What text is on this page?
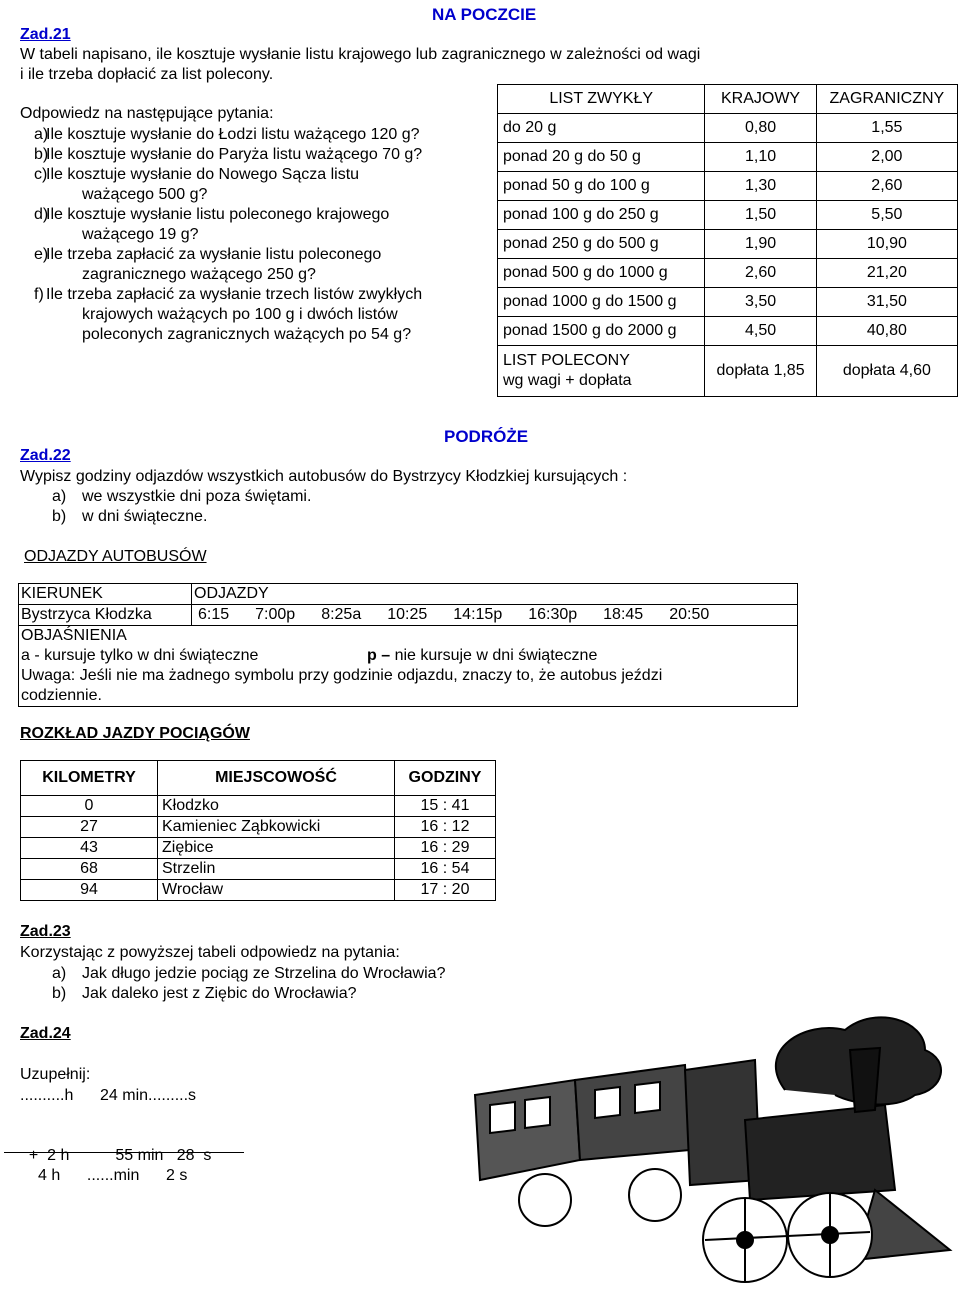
NA POCZCIE
Zad.21
W tabeli napisano, ile kosztuje wysłanie listu krajowego lub zagranicznego w zależności od wagi
i ile trzeba dopłacić za list polecony.
Odpowiedz na następujące pytania:
a)
Ile kosztuje wysłanie do Łodzi listu ważącego 120 g?
b)
Ile kosztuje wysłanie do Paryża listu ważącego 70 g?
c)
Ile kosztuje wysłanie do Nowego Sącza listu
ważącego 500 g?
d)
Ile kosztuje wysłanie listu poleconego krajowego
ważącego 19 g?
e)
Ile trzeba zapłacić za wysłanie listu poleconego
zagranicznego ważącego 250 g?
f) Ile trzeba zapłacić za wysłanie trzech listów zwykłych
krajowych ważących po 100 g i dwóch listów
poleconych zagranicznych ważących po 54 g?
LIST ZWYKŁY	KRAJOWY	ZAGRANICZNY
do 20 g	0,80	1,55
ponad 20 g do 50 g	1,10	2,00
ponad 50 g do 100 g	1,30	2,60
ponad 100 g do 250 g	1,50	5,50
ponad 250 g do 500 g	1,90	10,90
ponad 500 g do 1000 g	2,60	21,20
ponad 1000 g do 1500 g	3,50	31,50
ponad 1500 g do 2000 g	4,50	40,80

LIST POLECONY
wg wagi + dopłata	dopłata 1,85	dopłata 4,60
PODRÓŻE
Zad.22
Wypisz godziny odjazdów wszystkich autobusów do Bystrzycy Kłodzkiej kursujących :
a) we wszystkie dni poza świętami.
b) w dni świąteczne.
ODJAZDY AUTOBUSÓW
KIERUNEK	ODJAZDY
Bystrzyca Kłodzka	6:15 7:00p 8:25a 10:25 14:15p 16:30p 18:45 20:50

OBJAŚNIENIA
a - kursuje tylko w dni świąteczne p – nie kursuje w dni świąteczne
Uwaga: Jeśli nie ma żadnego symbolu przy godzinie odjazdu, znaczy to, że autobus jeździ
codziennie.	
ROZKŁAD JAZDY POCIĄGÓW
KILOMETRY	MIEJSCOWOŚĆ	GODZINY
0	Kłodzko	15 : 41
27	Kamieniec Ząbkowicki	16 : 12
43	Ziębice	16 : 29
68	Strzelin	16 : 54
94	Wrocław	17 : 20
Zad.23
Korzystając z powyższej tabeli odpowiedz na pytania:
a) Jak długo jedzie pociąg ze Strzelina do Wrocławia?
b) Jak daleko jest z Ziębic do Wrocławia?
Zad.24
Uzupełnij:
..........h      24 min.........s

+  2 h	55 min   28  s

4 h      ......min      2 s
